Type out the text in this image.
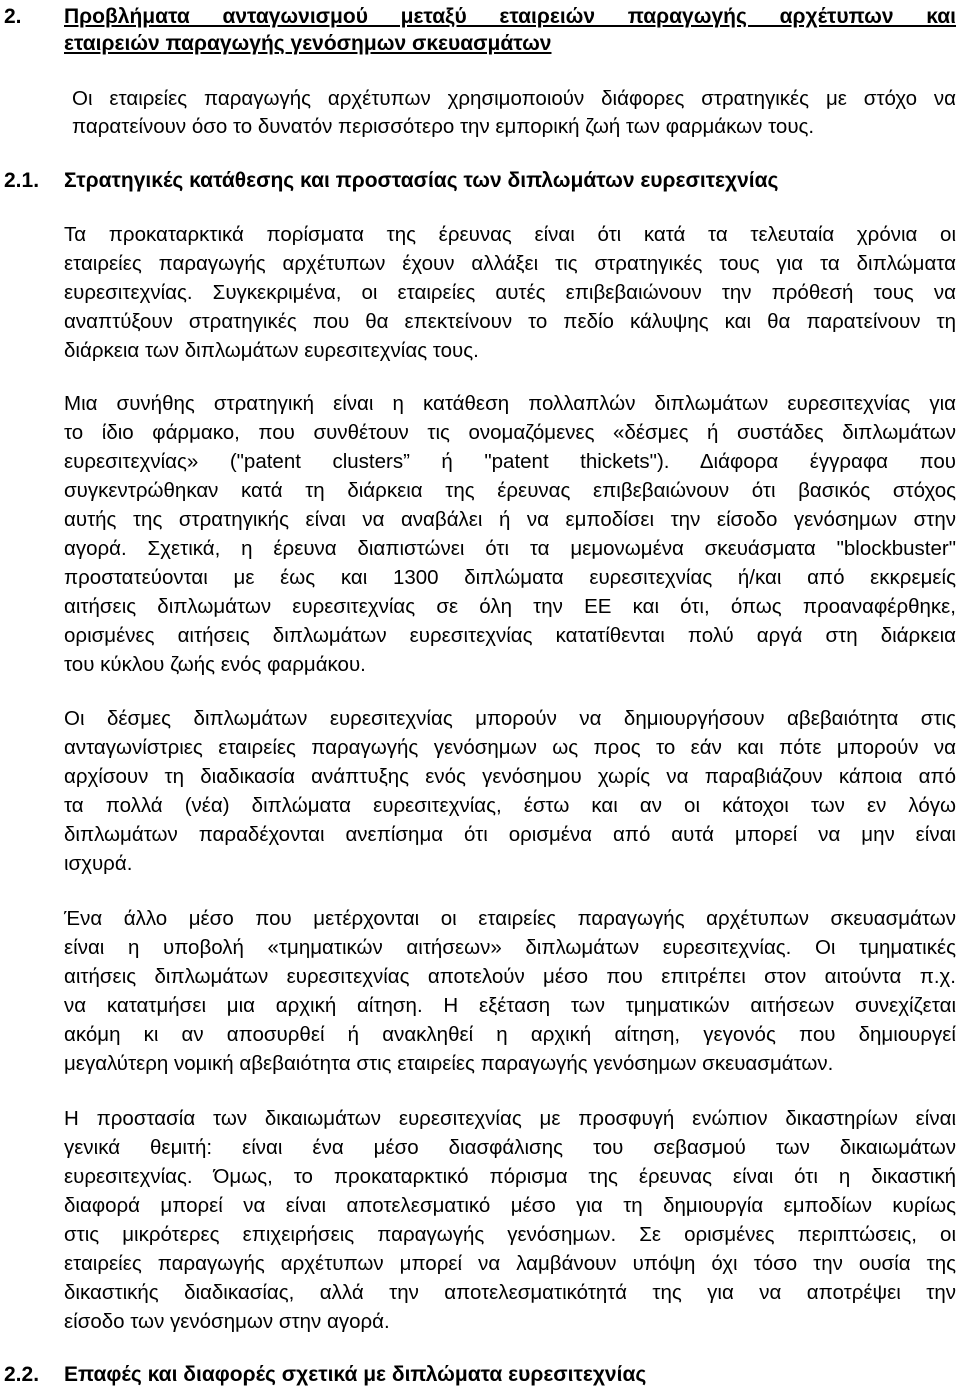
2. Προβλήματα ανταγωνισμού μεταξύ εταιρειών παραγωγής αρχέτυπων και
εταιρειών παραγωγής γενόσημων σκευασμάτων
Οι εταιρείες παραγωγής αρχέτυπων χρησιμοποιούν διάφορες στρατηγικές με στόχο να
παρατείνουν όσο το δυνατόν περισσότερο την εμπορική ζωή των φαρμάκων τους.
2.1. Στρατηγικές κατάθεσης και προστασίας των διπλωμάτων ευρεσιτεχνίας
Τα προκαταρκτικά πορίσματα της έρευνας είναι ότι κατά τα τελευταία χρόνια οι
εταιρείες παραγωγής αρχέτυπων έχουν αλλάξει τις στρατηγικές τους για τα διπλώματα
ευρεσιτεχνίας. Συγκεκριμένα, οι εταιρείες αυτές επιβεβαιώνουν την πρόθεσή τους να
αναπτύξουν στρατηγικές που θα επεκτείνουν το πεδίο κάλυψης και θα παρατείνουν τη
διάρκεια των διπλωμάτων ευρεσιτεχνίας τους.
Μια συνήθης στρατηγική είναι η κατάθεση πολλαπλών διπλωμάτων ευρεσιτεχνίας για
το ίδιο φάρμακο, που συνθέτουν τις ονομαζόμενες «δέσμες ή συστάδες διπλωμάτων
ευρεσιτεχνίας» ("patent clusters” ή "patent thickets"). Διάφορα έγγραφα που
συγκεντρώθηκαν κατά τη διάρκεια της έρευνας επιβεβαιώνουν ότι βασικός στόχος
αυτής της στρατηγικής είναι να αναβάλει ή να εμποδίσει την είσοδο γενόσημων στην
αγορά. Σχετικά, η έρευνα διαπιστώνει ότι τα μεμονωμένα σκευάσματα "blockbuster"
προστατεύονται με έως και 1300 διπλώματα ευρεσιτεχνίας ή/και από εκκρεμείς
αιτήσεις διπλωμάτων ευρεσιτεχνίας σε όλη την ΕΕ και ότι, όπως προαναφέρθηκε,
ορισμένες αιτήσεις διπλωμάτων ευρεσιτεχνίας κατατίθενται πολύ αργά στη διάρκεια
του κύκλου ζωής ενός φαρμάκου.
Οι δέσμες διπλωμάτων ευρεσιτεχνίας μπορούν να δημιουργήσουν αβεβαιότητα στις
ανταγωνίστριες εταιρείες παραγωγής γενόσημων ως προς το εάν και πότε μπορούν να
αρχίσουν τη διαδικασία ανάπτυξης ενός γενόσημου χωρίς να παραβιάζουν κάποια από
τα πολλά (νέα) διπλώματα ευρεσιτεχνίας, έστω και αν οι κάτοχοι των εν λόγω
διπλωμάτων παραδέχονται ανεπίσημα ότι ορισμένα από αυτά μπορεί να μην είναι
ισχυρά.
Ένα άλλο μέσο που μετέρχονται οι εταιρείες παραγωγής αρχέτυπων σκευασμάτων
είναι η υποβολή «τμηματικών αιτήσεων» διπλωμάτων ευρεσιτεχνίας. Οι τμηματικές
αιτήσεις διπλωμάτων ευρεσιτεχνίας αποτελούν μέσο που επιτρέπει στον αιτούντα π.χ.
να κατατμήσει μια αρχική αίτηση. Η εξέταση των τμηματικών αιτήσεων συνεχίζεται
ακόμη κι αν αποσυρθεί ή ανακληθεί η αρχική αίτηση, γεγονός που δημιουργεί
μεγαλύτερη νομική αβεβαιότητα στις εταιρείες παραγωγής γενόσημων σκευασμάτων.
Η προστασία των δικαιωμάτων ευρεσιτεχνίας με προσφυγή ενώπιον δικαστηρίων είναι
γενικά θεμιτή: είναι ένα μέσο διασφάλισης του σεβασμού των δικαιωμάτων
ευρεσιτεχνίας. Όμως, το προκαταρκτικό πόρισμα της έρευνας είναι ότι η δικαστική
διαφορά μπορεί να είναι αποτελεσματικό μέσο για τη δημιουργία εμποδίων κυρίως
στις μικρότερες επιχειρήσεις παραγωγής γενόσημων. Σε ορισμένες περιπτώσεις, οι
εταιρείες παραγωγής αρχέτυπων μπορεί να λαμβάνουν υπόψη όχι τόσο την ουσία της
δικαστικής διαδικασίας, αλλά την αποτελεσματικότητά της για να αποτρέψει την
είσοδο των γενόσημων στην αγορά.
2.2. Επαφές και διαφορές σχετικά με διπλώματα ευρεσιτεχνίας
